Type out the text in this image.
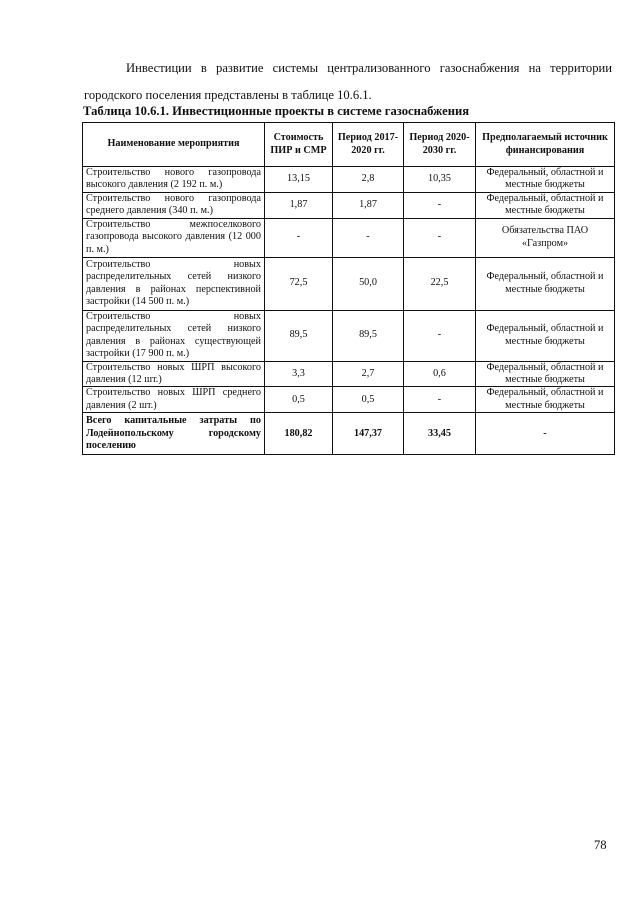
Инвестиции в развитие системы централизованного газоснабжения на территории
городского поселения представлены в таблице 10.6.1.
Таблица 10.6.1. Инвестиционные проекты в системе газоснабжения
Наименование мероприятия	Стоимость ПИР и СМР	Период 2017-2020 гг.	Период 2020-2030 гг.	Предполагаемый источник финансирования
Строительство нового газопровода высокого давления (2 192 п. м.)	13,15	2,8	10,35	Федеральный, областной и местные бюджеты
Строительство нового газопровода среднего давления (340 п. м.)	1,87	1,87	-	Федеральный, областной и местные бюджеты
Строительство межпоселкового газопровода высокого давления (12 000 п. м.)	-	-	-	Обязательства ПАО «Газпром»
Строительство новых распределительных сетей низкого давления в районах перспективной застройки (14 500 п. м.)	72,5	50,0	22,5	Федеральный, областной и местные бюджеты
Строительство новых распределительных сетей низкого давления в районах существующей застройки (17 900 п. м.)	89,5	89,5	-	Федеральный, областной и местные бюджеты
Строительство новых ШРП высокого давления (12 шт.)	3,3	2,7	0,6	Федеральный, областной и местные бюджеты
Строительство новых ШРП среднего давления (2 шт.)	0,5	0,5	-	Федеральный, областной и местные бюджеты
Всего капитальные затраты по Лодейнопольскому городскому поселению	180,82	147,37	33,45	-
78
